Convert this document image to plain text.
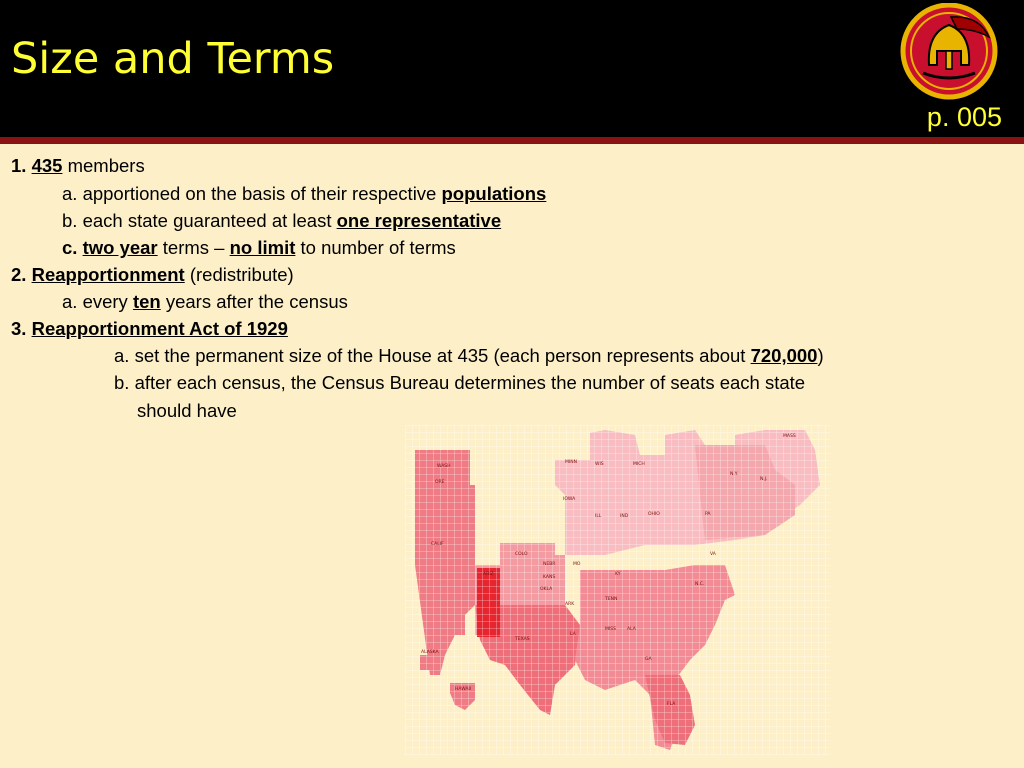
Size and Terms
p. 005
1. 435 members
a. apportioned on the basis of their respective populations
b. each state guaranteed at least one representative
c. two year terms – no limit to number of terms
2. Reapportionment (redistribute)
a. every ten years after the census
3. Reapportionment Act of 1929
a. set the permanent size of the House at 435 (each person represents about 720,000)
b. after each census, the Census Bureau determines the number of seats each state
should have
CALIF
ORE
WASH
TEXAS
N.Y.
PA
OHIO
ILL
MICH
FLA
GA
N.C.
VA
KY
TENN
MO
WIS
MINN
IOWA
IND
ALA
MISS
LA
ARK
OKLA
KANS
NEBR
COLO
ARIZ
N.J.
MASS
ALASKA
HAWAII
